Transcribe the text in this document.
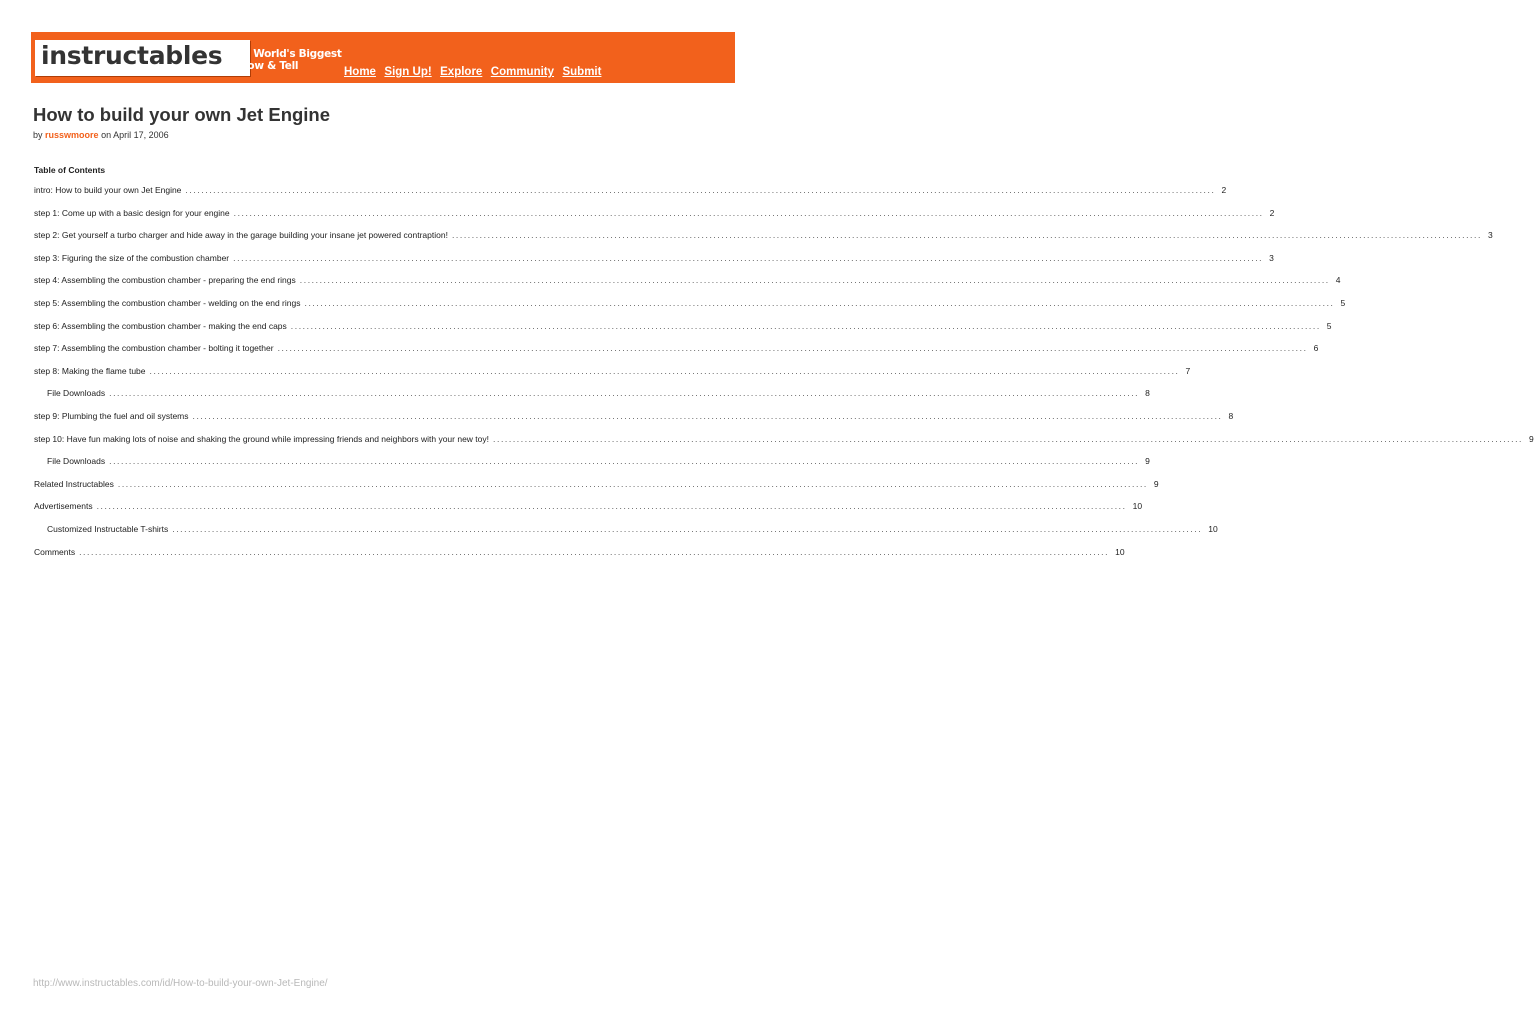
instructables The World's Biggest
Show & Tell	Home Sign Up! Explore Community Submit
How to build your own Jet Engine
by russwmoore on April 17, 2006
Table of Contents
intro: How to build your own Jet Engine .................................................................................................................................................................................................................................................................... 2
step 1: Come up with a basic design for your engine .................................................................................................................................................................................................................................................................... 2
step 2: Get yourself a turbo charger and hide away in the garage building your insane jet powered contraption! .................................................................................................................................................................................................................................................................... 3
step 3: Figuring the size of the combustion chamber .................................................................................................................................................................................................................................................................... 3
step 4: Assembling the combustion chamber - preparing the end rings .................................................................................................................................................................................................................................................................... 4
step 5: Assembling the combustion chamber - welding on the end rings .................................................................................................................................................................................................................................................................... 5
step 6: Assembling the combustion chamber - making the end caps .................................................................................................................................................................................................................................................................... 5
step 7: Assembling the combustion chamber - bolting it together .................................................................................................................................................................................................................................................................... 6
step 8: Making the flame tube .................................................................................................................................................................................................................................................................... 7
File Downloads .................................................................................................................................................................................................................................................................... 8
step 9: Plumbing the fuel and oil systems .................................................................................................................................................................................................................................................................... 8
step 10: Have fun making lots of noise and shaking the ground while impressing friends and neighbors with your new toy! .................................................................................................................................................................................................................................................................... 9
File Downloads .................................................................................................................................................................................................................................................................... 9
Related Instructables .................................................................................................................................................................................................................................................................... 9
Advertisements .................................................................................................................................................................................................................................................................... 10
Customized Instructable T-shirts .................................................................................................................................................................................................................................................................... 10
Comments .................................................................................................................................................................................................................................................................... 10
http://www.instructables.com/id/How-to-build-your-own-Jet-Engine/
